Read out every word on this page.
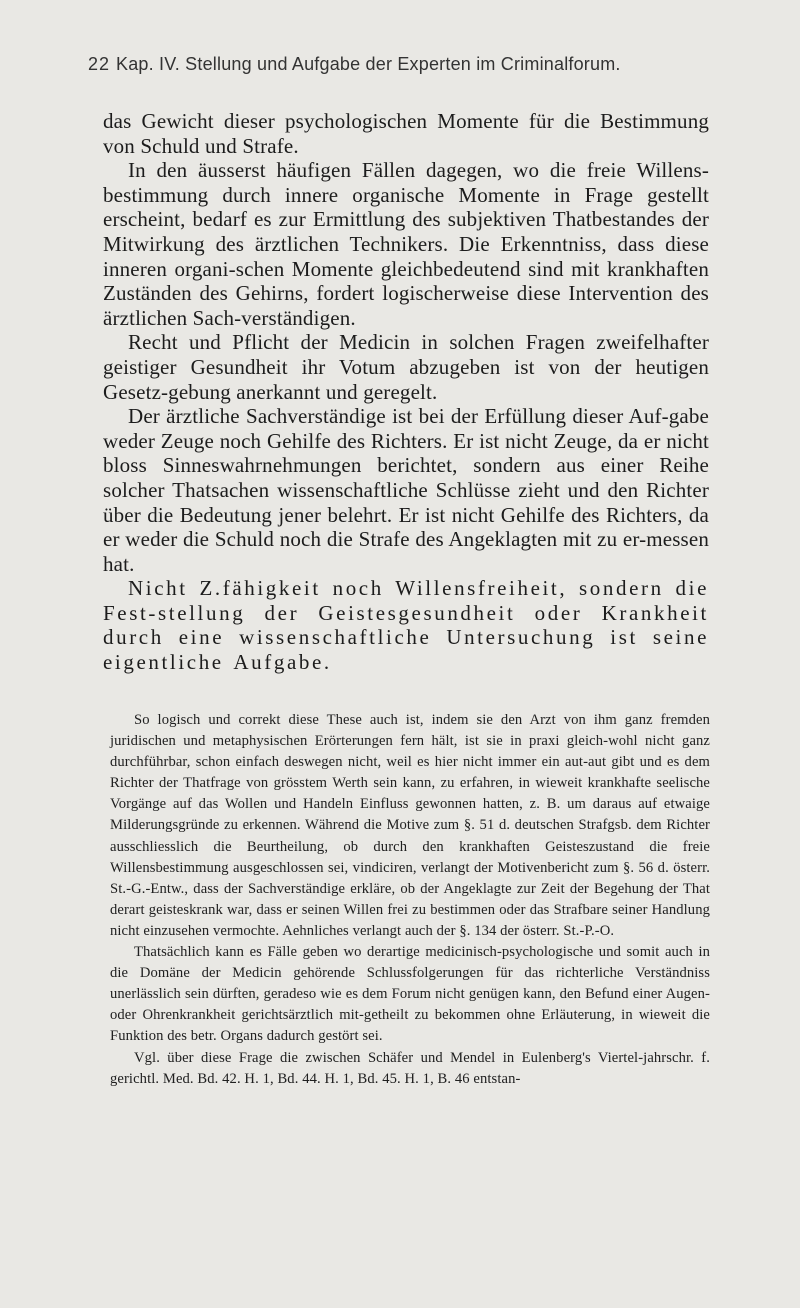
22 Kap. IV. Stellung und Aufgabe der Experten im Criminalforum.

das Gewicht dieser psychologischen Momente für die Bestimmung von Schuld und Strafe.

In den äusserst häufigen Fällen dagegen, wo die freie Willens-bestimmung durch innere organische Momente in Frage gestellt erscheint, bedarf es zur Ermittlung des subjektiven Thatbestandes der Mitwirkung des ärztlichen Technikers. Die Erkenntniss, dass diese inneren organi-schen Momente gleichbedeutend sind mit krankhaften Zuständen des Gehirns, fordert logischerweise diese Intervention des ärztlichen Sach-verständigen.

Recht und Pflicht der Medicin in solchen Fragen zweifelhafter geistiger Gesundheit ihr Votum abzugeben ist von der heutigen Gesetz-gebung anerkannt und geregelt.

Der ärztliche Sachverständige ist bei der Erfüllung dieser Auf-gabe weder Zeuge noch Gehilfe des Richters. Er ist nicht Zeuge, da er nicht bloss Sinneswahrnehmungen berichtet, sondern aus einer Reihe solcher Thatsachen wissenschaftliche Schlüsse zieht und den Richter über die Bedeutung jener belehrt. Er ist nicht Gehilfe des Richters, da er weder die Schuld noch die Strafe des Angeklagten mit zu er-messen hat.

Nicht Z.fähigkeit noch Willensfreiheit, sondern die Fest-stellung der Geistesgesundheit oder Krankheit durch eine wissenschaftliche Untersuchung ist seine eigentliche Aufgabe.

So logisch und correkt diese These auch ist, indem sie den Arzt von ihm ganz fremden juridischen und metaphysischen Erörterungen fern hält, ist sie in praxi gleich-wohl nicht ganz durchführbar, schon einfach deswegen nicht, weil es hier nicht immer ein aut-aut gibt und es dem Richter der Thatfrage von grösstem Werth sein kann, zu erfahren, in wieweit krankhafte seelische Vorgänge auf das Wollen und Handeln Einfluss gewonnen hatten, z. B. um daraus auf etwaige Milderungsgründe zu erkennen. Während die Motive zum §. 51 d. deutschen Strafgsb. dem Richter ausschliesslich die Beurtheilung, ob durch den krankhaften Geisteszustand die freie Willensbestimmung ausgeschlossen sei, vindiciren, verlangt der Motivenbericht zum §. 56 d. österr. St.-G.-Entw., dass der Sachverständige erkläre, ob der Angeklagte zur Zeit der Begehung der That derart geisteskrank war, dass er seinen Willen frei zu bestimmen oder das Strafbare seiner Handlung nicht einzusehen vermochte. Aehnliches verlangt auch der §. 134 der österr. St.-P.-O.

Thatsächlich kann es Fälle geben wo derartige medicinisch-psychologische und somit auch in die Domäne der Medicin gehörende Schlussfolgerungen für das richterliche Verständniss unerlässlich sein dürften, geradeso wie es dem Forum nicht genügen kann, den Befund einer Augen- oder Ohrenkrankheit gerichtsärztlich mit-getheilt zu bekommen ohne Erläuterung, in wieweit die Funktion des betr. Organs dadurch gestört sei.

Vgl. über diese Frage die zwischen Schäfer und Mendel in Eulenberg's Viertel-jahrschr. f. gerichtl. Med. Bd. 42. H. 1, Bd. 44. H. 1, Bd. 45. H. 1, B. 46 entstan-
